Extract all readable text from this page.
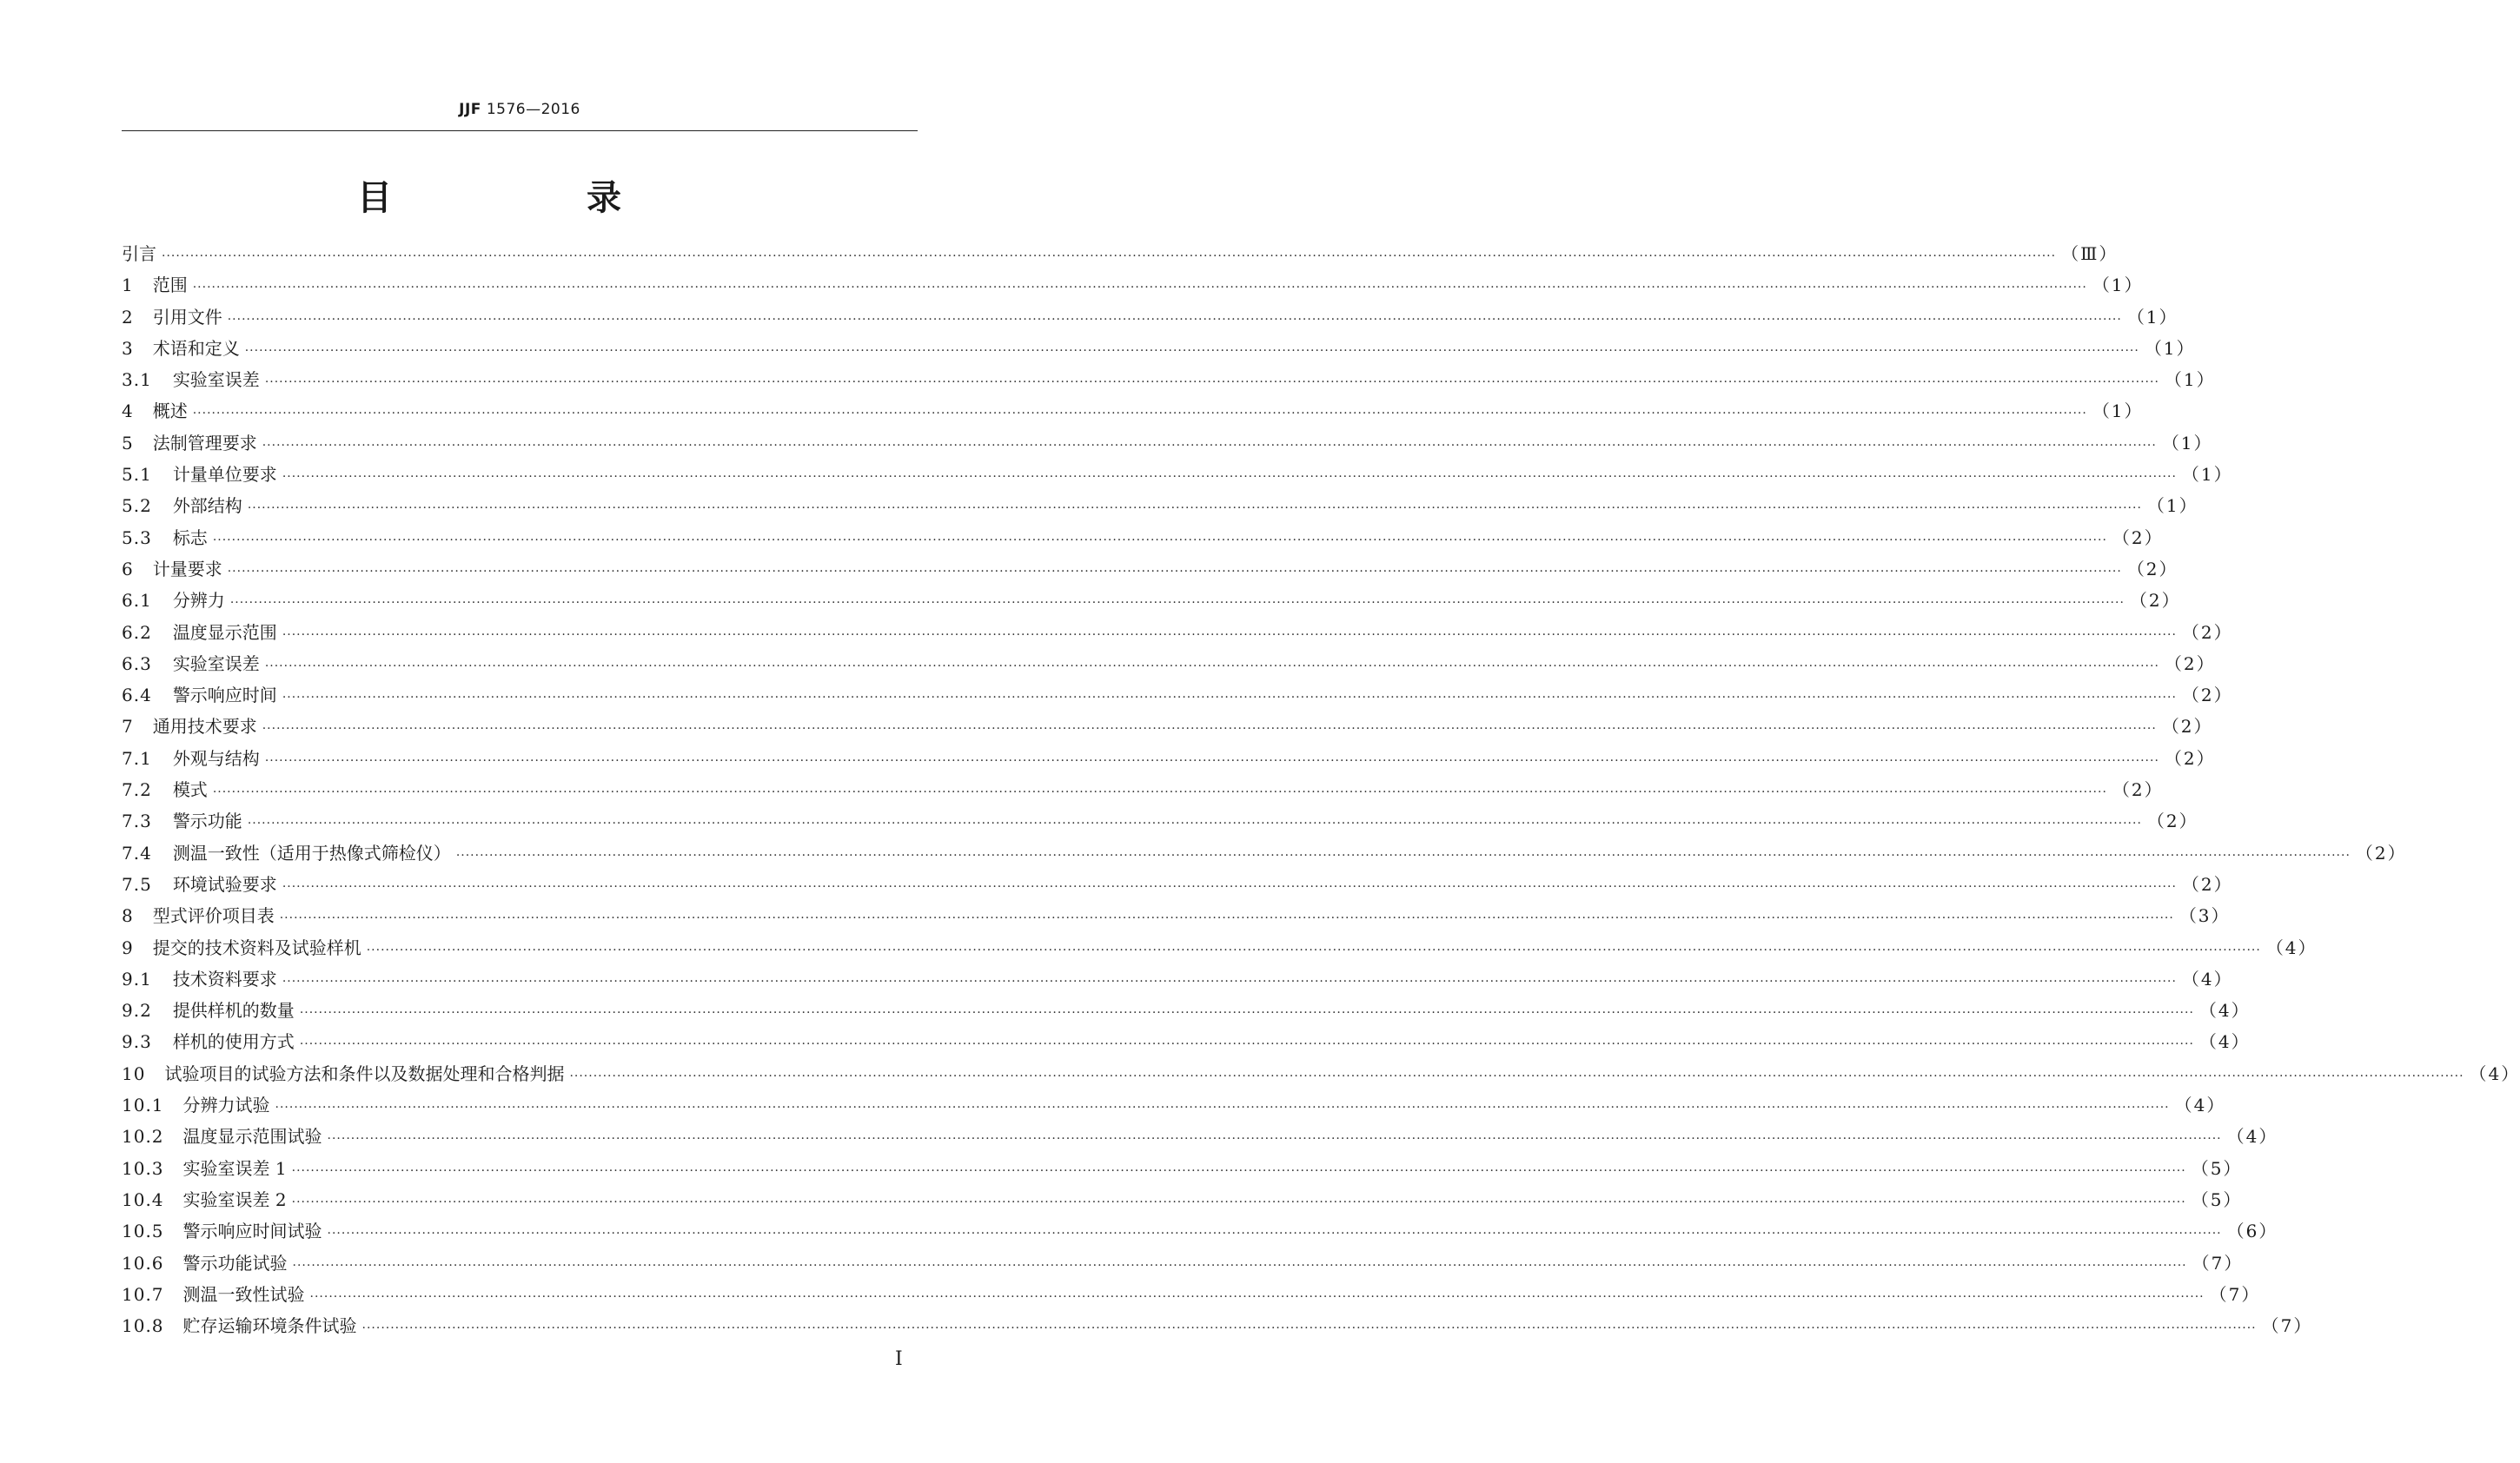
JJF 1576—2016
目 录
引言 ················································································································································································································································································································································································································ （Ⅲ）
1 范围 ················································································································································································································································································································································································································ （1）
2 引用文件 ················································································································································································································································································································································································································ （1）
3 术语和定义 ················································································································································································································································································································································································································ （1）
3.1 实验室误差 ················································································································································································································································································································································································································ （1）
4 概述 ················································································································································································································································································································································································································ （1）
5 法制管理要求 ················································································································································································································································································································································································································ （1）
5.1 计量单位要求 ················································································································································································································································································································································································································ （1）
5.2 外部结构 ················································································································································································································································································································································································································ （1）
5.3 标志 ················································································································································································································································································································································································································ （2）
6 计量要求 ················································································································································································································································································································································································································ （2）
6.1 分辨力 ················································································································································································································································································································································································································ （2）
6.2 温度显示范围 ················································································································································································································································································································································································································ （2）
6.3 实验室误差 ················································································································································································································································································································································································································ （2）
6.4 警示响应时间 ················································································································································································································································································································································································································ （2）
7 通用技术要求 ················································································································································································································································································································································································································ （2）
7.1 外观与结构 ················································································································································································································································································································································································································ （2）
7.2 模式 ················································································································································································································································································································································································································ （2）
7.3 警示功能 ················································································································································································································································································································································································································ （2）
7.4 测温一致性（适用于热像式筛检仪） ················································································································································································································································································································································································································ （2）
7.5 环境试验要求 ················································································································································································································································································································································································································ （2）
8 型式评价项目表 ················································································································································································································································································································································································································ （3）
9 提交的技术资料及试验样机 ················································································································································································································································································································································································································ （4）
9.1 技术资料要求 ················································································································································································································································································································································································································ （4）
9.2 提供样机的数量 ················································································································································································································································································································································································································ （4）
9.3 样机的使用方式 ················································································································································································································································································································································································································ （4）
10 试验项目的试验方法和条件以及数据处理和合格判据 ················································································································································································································································································································································································································ （4）
10.1 分辨力试验 ················································································································································································································································································································································································································ （4）
10.2 温度显示范围试验 ················································································································································································································································································································································································································ （4）
10.3 实验室误差 1 ················································································································································································································································································································································································································ （5）
10.4 实验室误差 2 ················································································································································································································································································································································································································ （5）
10.5 警示响应时间试验 ················································································································································································································································································································································································································ （6）
10.6 警示功能试验 ················································································································································································································································································································································································································ （7）
10.7 测温一致性试验 ················································································································································································································································································································································································································ （7）
10.8 贮存运输环境条件试验 ················································································································································································································································································································································································································ （7）
Ⅰ
